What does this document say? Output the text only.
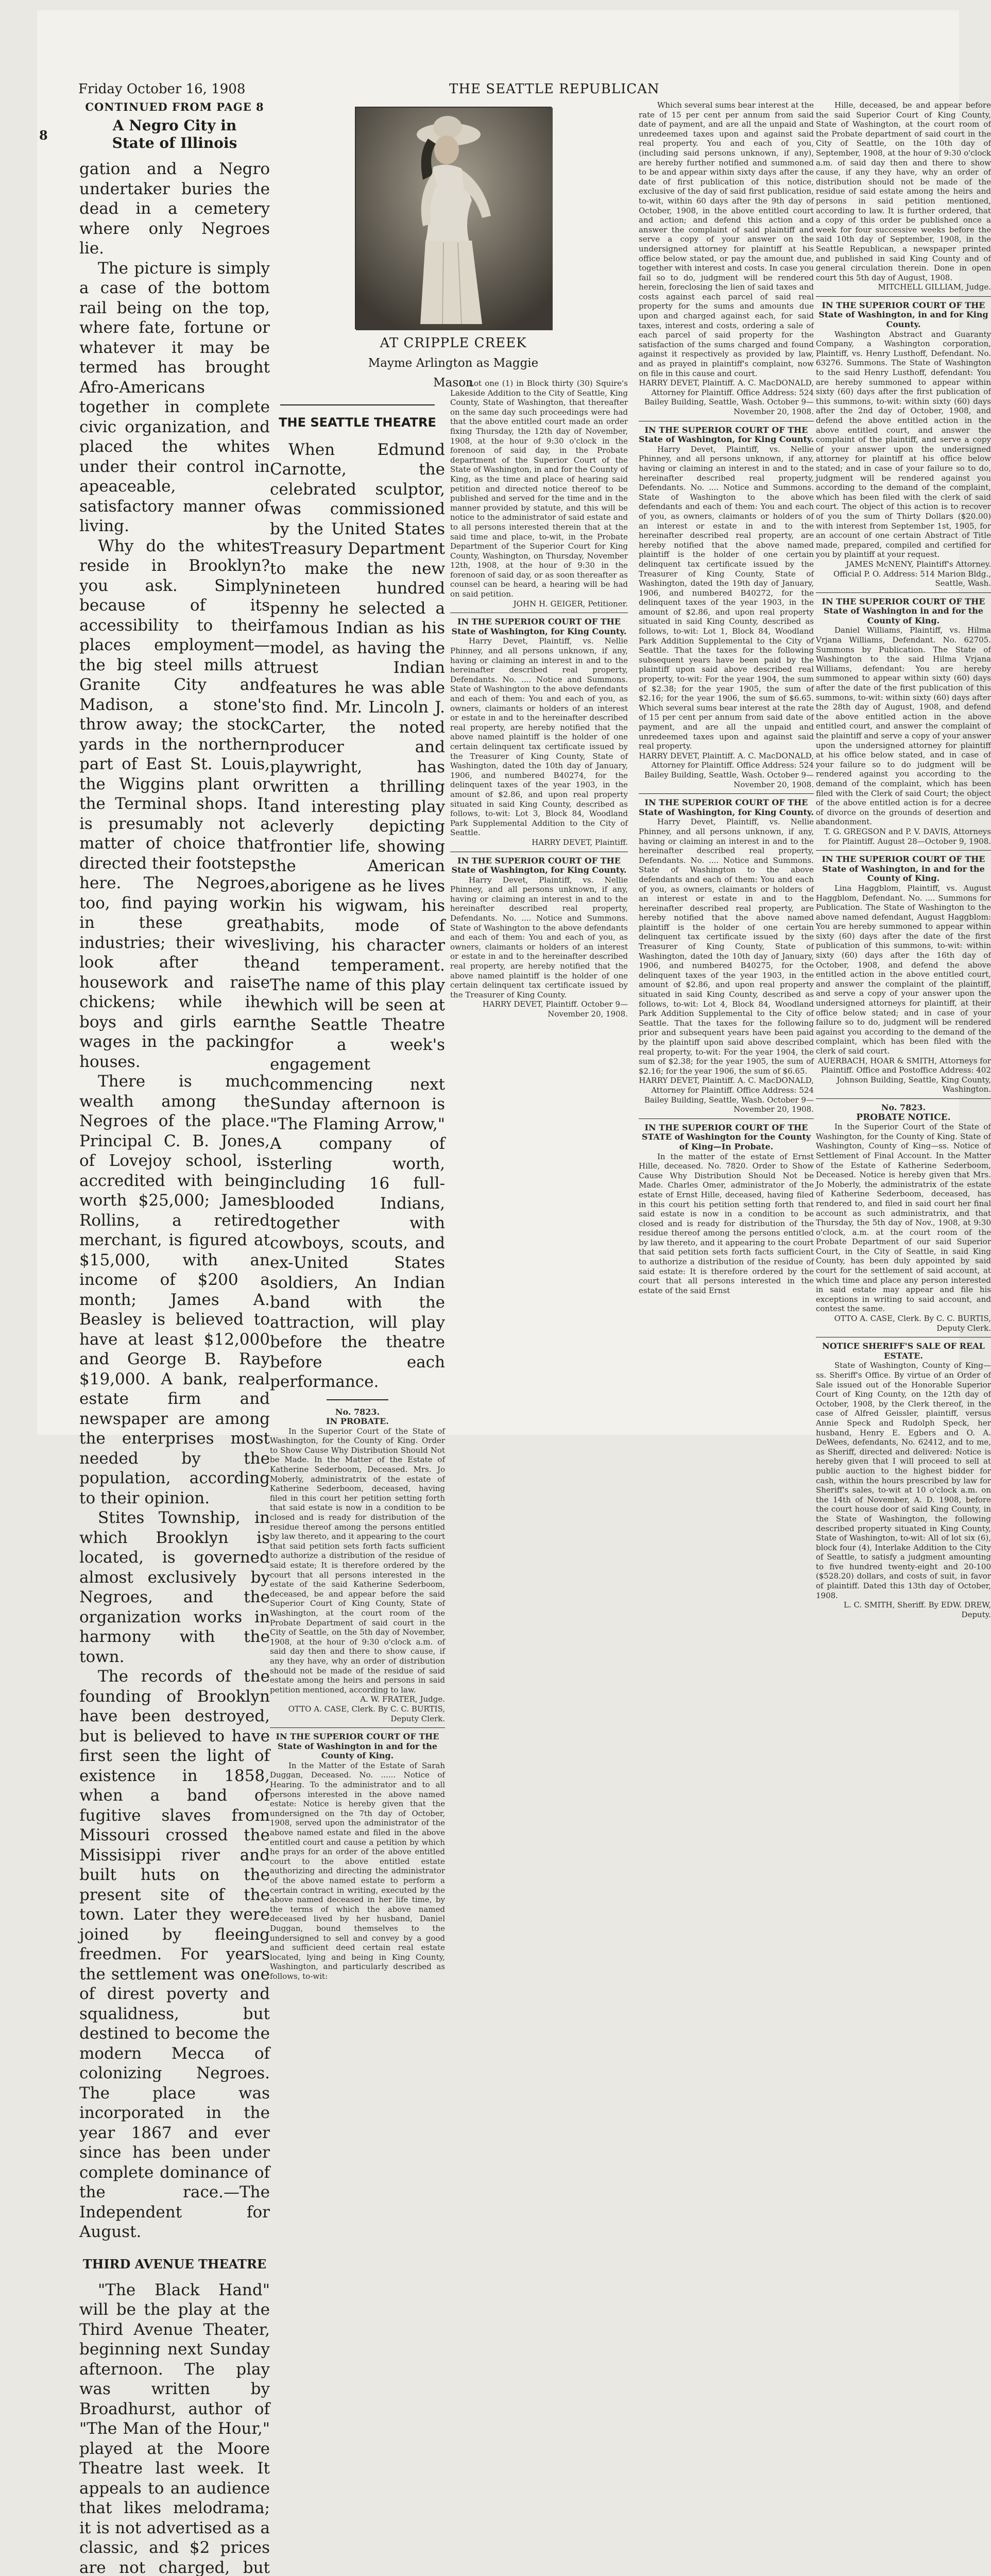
8
Friday October 16, 1908	THE SEATTLE REPUBLICAN
CONTINUED FROM PAGE 8
A Negro City in State of Illinois

gation and a Negro undertaker buries the dead in a cemetery where only Negroes lie.

The picture is simply a case of the bottom rail being on the top, where fate, fortune or whatever it may be termed has brought Afro-Americans together in complete civic organization, and placed the whites under their control in apeaceable, satisfactory manner of living.

Why do the whites reside in Brooklyn? you ask. Simply because of its accessibility to their places employment—the big steel mills at Granite City and Madison, a stone's throw away; the stock yards in the northern part of East St. Louis, the Wiggins plant or the Terminal shops. It is presumably not a matter of choice that directed their footsteps here. The Negroes, too, find paying work in these great industries; their wives look after the housework and raise chickens; while ihe boys and girls earn wages in the packing houses.

There is much wealth among the Negroes of the place. Principal C. B. Jones, of Lovejoy school, is accredited with being worth $25,000; James Rollins, a retired merchant, is figured at $15,000, with an income of $200 a month; James A. Beasley is believed to have at least $12,000 and George B. Ray $19,000. A bank, real estate firm and newspaper are among the enterprises most needed by the population, according to their opinion.

Stites Township, in which Brooklyn is located, is governed almost exclusively by Negroes, and the organization works in harmony with the town.

The records of the founding of Brooklyn have been destroyed, but is believed to have first seen the light of existence in 1858, when a band of fugitive slaves from Missouri crossed the Missisippi river and built huts on the present site of the town. Later they were joined by fleeing freedmen. For years the settlement was one of direst poverty and squalidness, but destined to become the modern Mecca of colonizing Negroes. The place was incorporated in the year 1867 and ever since has been under complete dominance of the race.—The Independent for August.

THIRD AVENUE THEATRE

"The Black Hand" will be the play at the Third Avenue Theater, beginning next Sunday afternoon. The play was written by Broadhurst, author of "The Man of the Hour," played at the Moore Theatre last week. It appeals to an audience that likes melodrama; it is not advertised as a classic, and $2 prices are not charged, but

AT CRIPPLE CREEK
Mayme Arlington as Maggie Mason
THE SEATTLE THEATRE

When Edmund Carnotte, the celebrated sculptor, was commissioned by the United States Treasury Department to make the new nineteen hundred penny he selected a famous Indian as his model, as having the truest Indian features he was able to find. Mr. Lincoln J. Carter, the noted producer and playwright, has written a thrilling and interesting play cleverly depicting frontier life, showing the American aborigene as he lives in his wigwam, his habits, mode of living, his character and temperament. The name of this play which will be seen at the Seattle Theatre for a week's engagement commencing next Sunday afternoon is "The Flaming Arrow," A company of sterling worth, including 16 full-blooded Indians, together with cowboys, scouts, and ex-United States soldiers, An Indian band with the attraction, will play before the theatre before each performance.

No. 7823.
IN PROBATE.

In the Superior Court of the State of Washington, for the County of King. Order to Show Cause Why Distribution Should Not be Made. In the Matter of the Estate of Katherine Sederboom, Deceased. Mrs. Jo Moberly, administratrix of the estate of Katherine Sederboom, deceased, having filed in this court her petition setting forth that said estate is now in a condition to be closed and is ready for distribution of the residue thereof among the persons entitled by law thereto, and it appearing to the court that said petition sets forth facts sufficient to authorize a distribution of the residue of said estate; It is therefore ordered by the court that all persons interested in the estate of the said Katherine Sederboom, deceased, be and appear before the said Superior Court of King County, State of Washington, at the court room of the Probate Department of said court in the City of Seattle, on the 5th day of November, 1908, at the hour of 9:30 o'clock a.m. of said day then and there to show cause, if any they have, why an order of distribution should not be made of the residue of said estate among the heirs and persons in said petition mentioned, according to law.

A. W. FRATER, Judge.
OTTO A. CASE, Clerk. By C. C. BURTIS, Deputy Clerk.
IN THE SUPERIOR COURT OF THE State of Washington in and for the County of King.

In the Matter of the Estate of Sarah Duggan, Deceased. No. ...... Notice of Hearing. To the administrator and to all persons interested in the above named estate: Notice is hereby given that the undersigned on the 7th day of October, 1908, served upon the administrator of the above named estate and filed in the above entitled court and cause a petition by which he prays for an order of the above entitled court to the above entitled estate authorizing and directing the administrator of the above named estate to perform a certain contract in writing, executed by the above named deceased in her life time, by the terms of which the above named deceased lived by her husband, Daniel Duggan, bound themselves to the undersigned to sell and convey by a good and sufficient deed certain real estate located, lying and being in King County, Washington, and particularly described as follows, to-wit:

Lot one (1) in Block thirty (30) Squire's Lakeside Addition to the City of Seattle, King County, State of Washington, that thereafter on the same day such proceedings were had that the above entitled court made an order fixing Thursday, the 12th day of November, 1908, at the hour of 9:30 o'clock in the forenoon of said day, in the Probate department of the Superior Court of the State of Washington, in and for the County of King, as the time and place of hearing said petition and directed notice thereof to be published and served for the time and in the manner provided by statute, and this will be notice to the administrator of said estate and to all persons interested therein that at the said time and place, to-wit, in the Probate Department of the Superior Court for King County, Washington, on Thursday, November 12th, 1908, at the hour of 9:30 in the forenoon of said day, or as soon thereafter as counsel can be heard, a hearing will be had on said petition.

JOHN H. GEIGER, Petitioner.
IN THE SUPERIOR COURT OF THE State of Washington, for King County.

Harry Devet, Plaintiff, vs. Nellie Phinney, and all persons unknown, if any, having or claiming an interest in and to the hereinafter described real property, Defendants. No. .... Notice and Summons. State of Washington to the above defendants and each of them: You and each of you, as owners, claimants or holders of an interest or estate in and to the hereinafter described real property, are hereby notified that the above named plaintiff is the holder of one certain delinquent tax certificate issued by the Treasurer of King County, State of Washington, dated the 10th day of January, 1906, and numbered B40274, for the delinquent taxes of the year 1903, in the amount of $2.86, and upon real property situated in said King County, described as follows, to-wit: Lot 3, Block 84, Woodland Park Supplemental Addition to the City of Seattle.

HARRY DEVET, Plaintiff.
IN THE SUPERIOR COURT OF THE State of Washington, for King County.

Harry Devet, Plaintiff, vs. Nellie Phinney, and all persons unknown, if any, having or claiming an interest in and to the hereinafter described real property, Defendants. No. .... Notice and Summons. State of Washington to the above defendants and each of them: You and each of you, as owners, claimants or holders of an interest or estate in and to the hereinafter described real property, are hereby notified that the above named plaintiff is the holder of one certain delinquent tax certificate issued by the Treasurer of King County.

HARRY DEVET, Plaintiff. October 9—November 20, 1908.

Which several sums bear interest at the rate of 15 per cent per annum from said date of payment, and are all the unpaid and unredeemed taxes upon and against said real property. You and each of you, (including said persons unknown, if any), are hereby further notified and summoned to be and appear within sixty days after the date of first publication of this notice, exclusive of the day of said first publication, to-wit, within 60 days after the 9th day of October, 1908, in the above entitled court and action; and defend this action and answer the complaint of said plaintiff and serve a copy of your answer on the undersigned attorney for plaintiff at his office below stated, or pay the amount due, together with interest and costs. In case you fail so to do, judgment will be rendered herein, foreclosing the lien of said taxes and costs against each parcel of said real property for the sums and amounts due upon and charged against each, for said taxes, interest and costs, ordering a sale of each parcel of said property for the satisfaction of the sums charged and found against it respectively as provided by law, and as prayed in plaintiff's complaint, now on file in this cause and court.

HARRY DEVET, Plaintiff. A. C. MacDONALD, Attorney for Plaintiff. Office Address: 524 Bailey Building, Seattle, Wash. October 9—November 20, 1908.
IN THE SUPERIOR COURT OF THE State of Washington, for King County.

Harry Devet, Plaintiff, vs. Nellie Phinney, and all persons unknown, if any, having or claiming an interest in and to the hereinafter described real property, Defendants. No. .... Notice and Summons. State of Washington to the above defendants and each of them: You and each of you, as owners, claimants or holders of an interest or estate in and to the hereinafter described real property, are hereby notified that the above named plaintiff is the holder of one certain delinquent tax certificate issued by the Treasurer of King County, State of Washington, dated the 19th day of January, 1906, and numbered B40272, for the delinquent taxes of the year 1903, in the amount of $2.86, and upon real property situated in said King County, described as follows, to-wit: Lot 1, Block 84, Woodland Park Addition Supplemental to the City of Seattle. That the taxes for the following subsequent years have been paid by the plaintiff upon said above described real property, to-wit: For the year 1904, the sum of $2.38; for the year 1905, the sum of $2.16; for the year 1906, the sum of $6.65. Which several sums bear interest at the rate of 15 per cent per annum from said date of payment, and are all the unpaid and unredeemed taxes upon and against said real property.

HARRY DEVET, Plaintiff. A. C. MacDONALD, Attorney for Plaintiff. Office Address: 524 Bailey Building, Seattle, Wash. October 9—November 20, 1908.
IN THE SUPERIOR COURT OF THE State of Washington, for King County.

Harry Devet, Plaintiff, vs. Nellie Phinney, and all persons unknown, if any, having or claiming an interest in and to the hereinafter described real property, Defendants. No. .... Notice and Summons. State of Washington to the above defendants and each of them: You and each of you, as owners, claimants or holders of an interest or estate in and to the hereinafter described real property, are hereby notified that the above named plaintiff is the holder of one certain delinquent tax certificate issued by the Treasurer of King County, State of Washington, dated the 10th day of January, 1906, and numbered B40275, for the delinquent taxes of the year 1903, in the amount of $2.86, and upon real property situated in said King County, described as follows, to-wit: Lot 4, Block 84, Woodland Park Addition Supplemental to the City of Seattle. That the taxes for the following prior and subsequent years have been paid by the plaintiff upon said above described real property, to-wit: For the year 1904, the sum of $2.38; for the year 1905, the sum of $2.16; for the year 1906, the sum of $6.65.

HARRY DEVET, Plaintiff. A. C. MacDONALD, Attorney for Plaintiff. Office Address: 524 Bailey Building, Seattle, Wash. October 9—November 20, 1908.
IN THE SUPERIOR COURT OF THE STATE of Washington for the County of King—In Probate.

In the matter of the estate of Ernst Hille, deceased. No. 7820. Order to Show Cause Why Distribution Should Not be Made. Charles Omer, administrator of the estate of Ernst Hille, deceased, having filed in this court his petition setting forth that said estate is now in a condition to be closed and is ready for distribution of the residue thereof among the persons entitled by law thereto, and it appearing to the court that said petition sets forth facts sufficient to authorize a distribution of the residue of said estate: It is therefore ordered by the court that all persons interested in the estate of the said Ernst

Hille, deceased, be and appear before the said Superior Court of King County, State of Washington, at the court room of the Probate department of said court in the City of Seattle, on the 10th day of September, 1908, at the hour of 9:30 o'clock a.m. of said day then and there to show cause, if any they have, why an order of distribution should not be made of the residue of said estate among the heirs and persons in said petition mentioned, according to law. It is further ordered, that a copy of this order be published once a week for four successive weeks before the said 10th day of September, 1908, in the Seattle Republican, a newspaper printed and published in said King County and of general circulation therein. Done in open court this 5th day of August, 1908.

MITCHELL GILLIAM, Judge.
IN THE SUPERIOR COURT OF THE State of Washington, in and for King County.

Washington Abstract and Guaranty Company, a Washington corporation, Plaintiff, vs. Henry Lusthoff, Defendant. No. 63276. Summons. The State of Washington to the said Henry Lusthoff, defendant: You are hereby summoned to appear within sixty (60) days after the first publication of this summons, to-wit: within sixty (60) days after the 2nd day of October, 1908, and defend the above entitled action in the above entitled court, and answer the complaint of the plaintiff, and serve a copy of your answer upon the undersigned attorney for plaintiff at his office below stated; and in case of your failure so to do, judgment will be rendered against you according to the demand of the complaint, which has been filed with the clerk of said court. The object of this action is to recover of you the sum of Thirty Dollars ($20.00) with interest from September 1st, 1905, for an account of one certain Abstract of Title made, prepared, compiled and certified for you by plaintiff at your request.

JAMES McNENY, Plaintiff's Attorney. Official P. O. Address: 514 Marion Bldg., Seattle, Wash.
IN THE SUPERIOR COURT OF THE State of Washington in and for the County of King.

Daniel Williams, Plaintiff, vs. Hilma Vrjana Williams, Defendant. No. 62705. Summons by Publication. The State of Washington to the said Hilma Vrjana Williams, defendant: You are hereby summoned to appear within sixty (60) days after the date of the first publication of this summons, to-wit: within sixty (60) days after the 28th day of August, 1908, and defend the above entitled action in the above entitled court, and answer the complaint of the plaintiff and serve a copy of your answer upon the undersigned attorney for plaintiff at his office below stated, and in case of your failure so to do judgment will be rendered against you according to the demand of the complaint, which has been filed with the Clerk of said Court; the object of the above entitled action is for a decree of divorce on the grounds of desertion and abandonment.

T. G. GREGSON and P. V. DAVIS, Attorneys for Plaintiff. August 28—October 9, 1908.
IN THE SUPERIOR COURT OF THE State of Washington, in and for the County of King.

Lina Haggblom, Plaintiff, vs. August Haggblom, Defendant. No. .... Summons for Publication. The State of Washington to the above named defendant, August Haggblom: You are hereby summoned to appear within sixty (60) days after the date of the first publication of this summons, to-wit: within sixty (60) days after the 16th day of October, 1908, and defend the above entitled action in the above entitled court, and answer the complaint of the plaintiff, and serve a copy of your answer upon the undersigned attorneys for plaintiff, at their office below stated; and in case of your failure so to do, judgment will be rendered against you according to the demand of the complaint, which has been filed with the clerk of said court.

AUERBACH, HOAR & SMITH, Attorneys for Plaintiff. Office and Postoffice Address: 402 Johnson Building, Seattle, King County, Washington.
No. 7823.
PROBATE NOTICE.

In the Superior Court of the State of Washington, for the County of King. State of Washington, County of King—ss. Notice of Settlement of Final Account. In the Matter of the Estate of Katherine Sederboom, Deceased. Notice is hereby given that Mrs. Jo Moberly, the administratrix of the estate of Katherine Sederboom, deceased, has rendered to, and filed in said court her final account as such administratrix, and that Thursday, the 5th day of Nov., 1908, at 9:30 o'clock, a.m. at the court room of the Probate Department of our said Superior Court, in the City of Seattle, in said King County, has been duly appointed by said court for the settlement of said account, at which time and place any person interested in said estate may appear and file his exceptions in writing to said account, and contest the same.

OTTO A. CASE, Clerk. By C. C. BURTIS, Deputy Clerk.
NOTICE SHERIFF'S SALE OF REAL ESTATE.

State of Washington, County of King—ss. Sheriff's Office. By virtue of an Order of Sale issued out of the Honorable Superior Court of King County, on the 12th day of October, 1908, by the Clerk thereof, in the case of Alfred Geissler, plaintiff, versus Annie Speck and Rudolph Speck, her husband, Henry E. Egbers and O. A. DeWees, defendants, No. 62412, and to me, as Sheriff, directed and delivered: Notice is hereby given that I will proceed to sell at public auction to the highest bidder for cash, within the hours prescribed by law for Sheriff's sales, to-wit at 10 o'clock a.m. on the 14th of November, A. D. 1908, before the court house door of said King County, in the State of Washington, the following described property situated in King County, State of Washington, to-wit: All of lot six (6), block four (4), Interlake Addition to the City of Seattle, to satisfy a judgment amounting to five hundred twenty-eight and 20-100 ($528.20) dollars, and costs of suit, in favor of plaintiff. Dated this 13th day of October, 1908.

L. C. SMITH, Sheriff. By EDW. DREW, Deputy.
